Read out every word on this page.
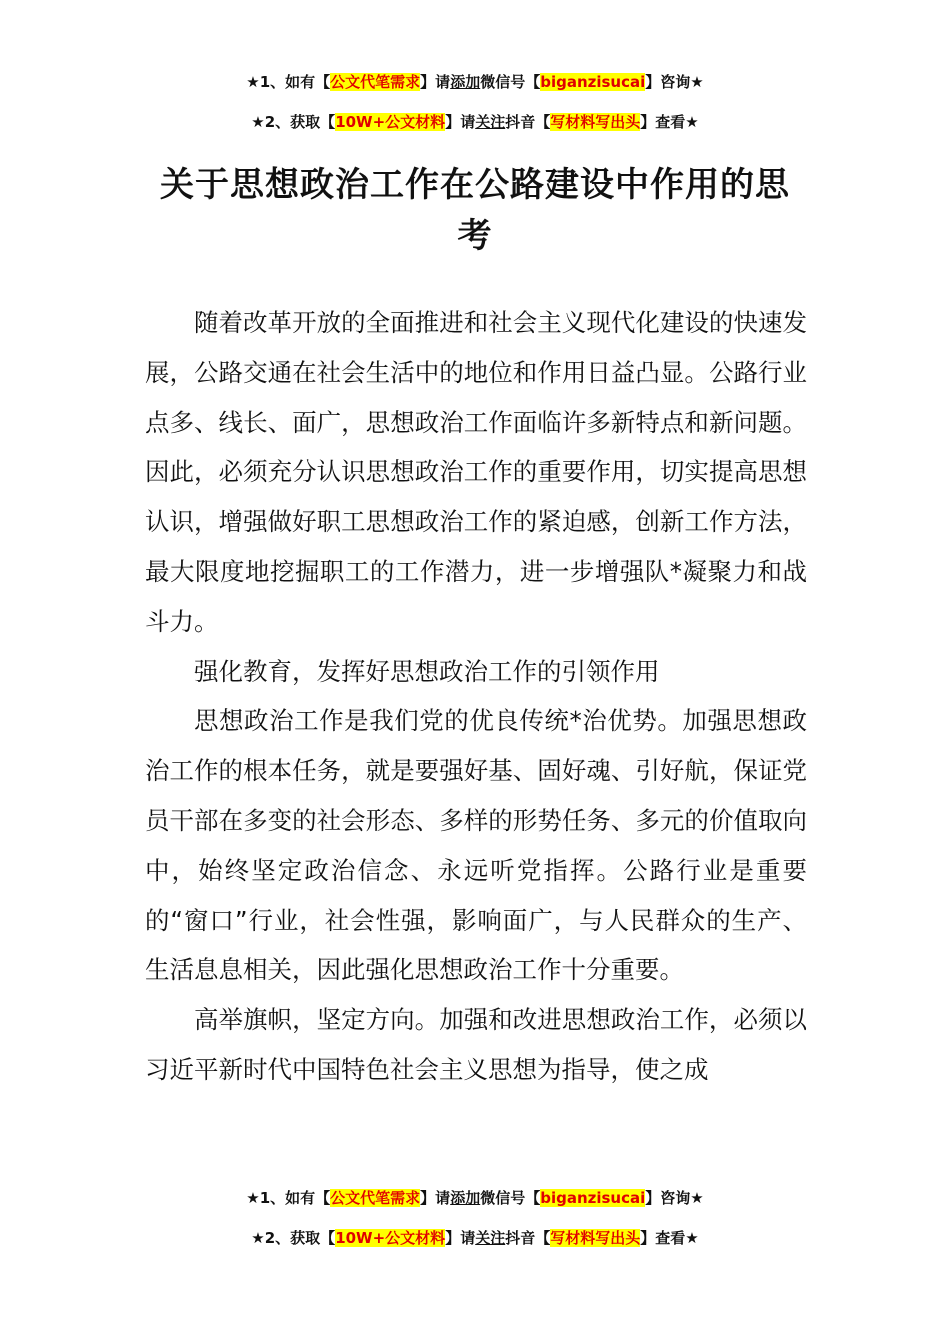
★1、如有【公文代笔需求】请添加微信号【biganzisucai】咨询★
★2、获取【10W+公文材料】请关注抖音【写材料写出头】查看★
关于思想政治工作在公路建设中作用的思考

随着改革开放的全面推进和社会主义现代化建设的快速发展，公路交通在社会生活中的地位和作用日益凸显。公路行业点多、线长、面广，思想政治工作面临许多新特点和新问题。因此，必须充分认识思想政治工作的重要作用，切实提高思想认识，增强做好职工思想政治工作的紧迫感，创新工作方法，最大限度地挖掘职工的工作潜力，进一步增强队*凝聚力和战斗力。

强化教育，发挥好思想政治工作的引领作用

思想政治工作是我们党的优良传统*治优势。加强思想政治工作的根本任务，就是要强好基、固好魂、引好航，保证党员干部在多变的社会形态、多样的形势任务、多元的价值取向中，始终坚定政治信念、永远听党指挥。公路行业是重要的“窗口”行业，社会性强，影响面广，与人民群众的生产、生活息息相关，因此强化思想政治工作十分重要。

高举旗帜，坚定方向。加强和改进思想政治工作，必须以习近平新时代中国特色社会主义思想为指导，使之成

★1、如有【公文代笔需求】请添加微信号【biganzisucai】咨询★
★2、获取【10W+公文材料】请关注抖音【写材料写出头】查看★
